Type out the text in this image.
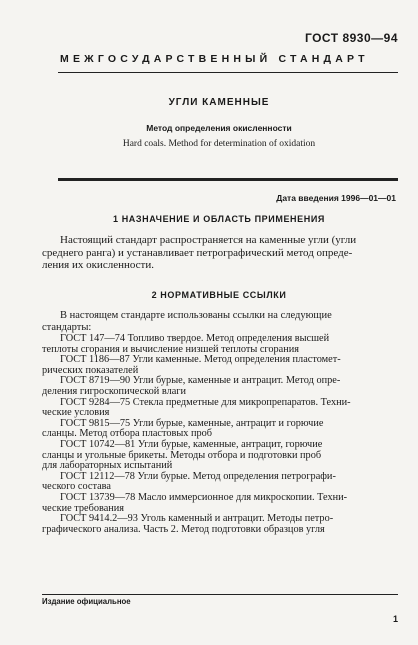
ГОСТ 8930—94
МЕЖГОСУДАРСТВЕННЫЙ СТАНДАРТ
УГЛИ КАМЕННЫЕ
Метод определения окисленности
Hard coals. Method for determination of oxidation
Дата введения 1996—01—01
1 НАЗНАЧЕНИЕ И ОБЛАСТЬ ПРИМЕНЕНИЯ
Настоящий стандарт распространяется на каменные угли (угли
среднего ранга) и устанавливает петрографический метод опреде-
ления их окисленности.
2 НОРМАТИВНЫЕ ССЫЛКИ
В настоящем стандарте использованы ссылки на следующие
стандарты:
ГОСТ 147—74 Топливо твердое. Метод определения высшей
теплоты сгорания и вычисление низшей теплоты сгорания
ГОСТ 1186—87 Угли каменные. Метод определения пластомет-
рических показателей
ГОСТ 8719—90 Угли бурые, каменные и антрацит. Метод опре-
деления гигроскопической влаги
ГОСТ 9284—75 Стекла предметные для микропрепаратов. Техни-
ческие условия
ГОСТ 9815—75 Угли бурые, каменные, антрацит и горючие
сланцы. Метод отбора пластовых проб
ГОСТ 10742—81 Угли бурые, каменные, антрацит, горючие
сланцы и угольные брикеты. Методы отбора и подготовки проб
для лабораторных испытаний
ГОСТ 12112—78 Угли бурые. Метод определения петрографи-
ческого состава
ГОСТ 13739—78 Масло иммерсионное для микроскопии. Техни-
ческие требования
ГОСТ 9414.2—93 Уголь каменный и антрацит. Методы петро-
графического анализа. Часть 2. Метод подготовки образцов угля
Издание официальное
1
